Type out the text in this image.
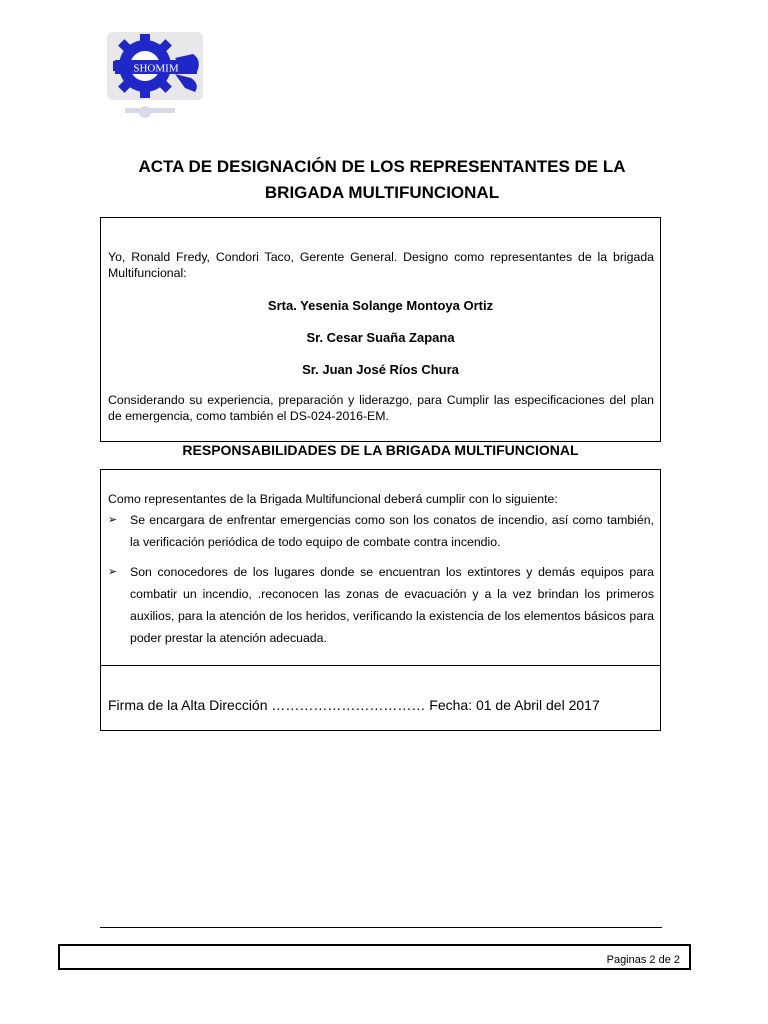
SHOMIM
ACTA DE DESIGNACIÓN DE LOS REPRESENTANTES DE LA
BRIGADA MULTIFUNCIONAL

Yo, Ronald Fredy, Condori Taco, Gerente General. Designo como representantes de la brigada Multifuncional:

Srta. Yesenia Solange Montoya Ortiz

Sr. Cesar Suaña Zapana

Sr. Juan José Ríos Chura

Considerando su experiencia, preparación y liderazgo, para Cumplir las especificaciones del plan de emergencia, como también el DS-024-2016-EM.

RESPONSABILIDADES DE LA BRIGADA MULTIFUNCIONAL

Como representantes de la Brigada Multifuncional deberá cumplir con lo siguiente:

➢ Se encargara de enfrentar emergencias como son los conatos de incendio, así como también, la verificación periódica de todo equipo de combate contra incendio.
➢ Son conocedores de los lugares donde se encuentran los extintores y demás equipos para combatir un incendio, .reconocen las zonas de evacuación y a la vez brindan los primeros auxilios, para la atención de los heridos, verificando la existencia de los elementos básicos para poder prestar la atención adecuada.

Firma de la Alta Dirección …………………………… Fecha: 01 de Abril del 2017

Paginas 2 de 2
